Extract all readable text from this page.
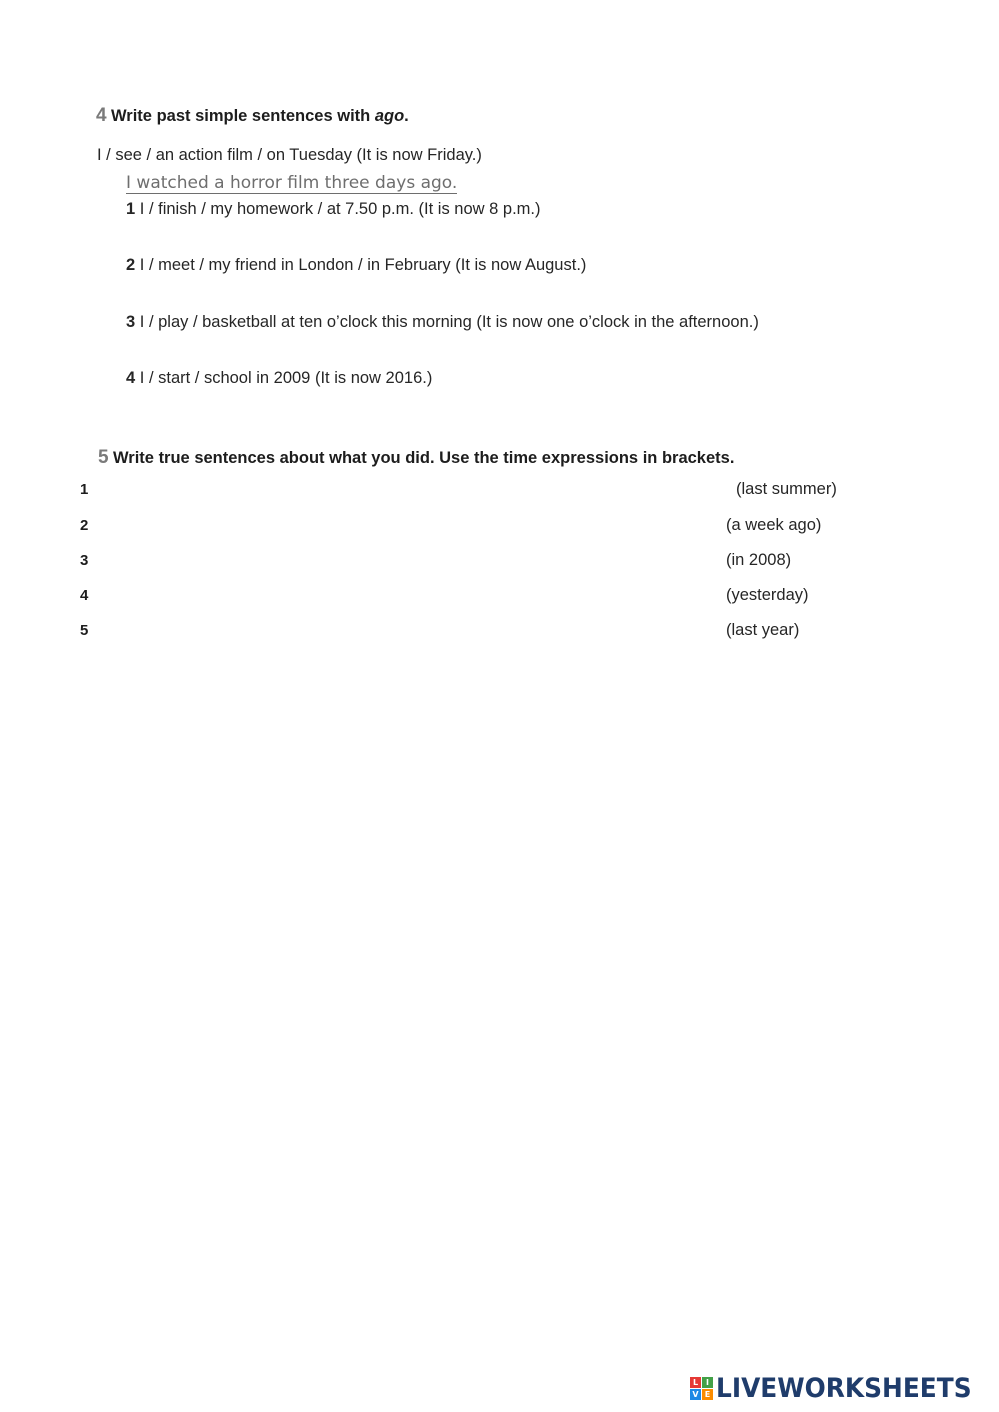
4 Write past simple sentences with ago.
I / see / an action film / on Tuesday (It is now Friday.)
I watched a horror film three days ago.
1 I / finish / my homework / at 7.50 p.m. (It is now 8 p.m.)
2 I / meet / my friend in London / in February (It is now August.)
3 I / play / basketball at ten o’clock this morning (It is now one o’clock in the afternoon.)
4 I / start / school in 2009 (It is now 2016.)
5 Write true sentences about what you did. Use the time expressions in brackets.
1	(last summer)
2	(a week ago)
3	(in 2008)
4	(yesterday)
5	(last year)
L I
V E LIVEWORKSHEETS
